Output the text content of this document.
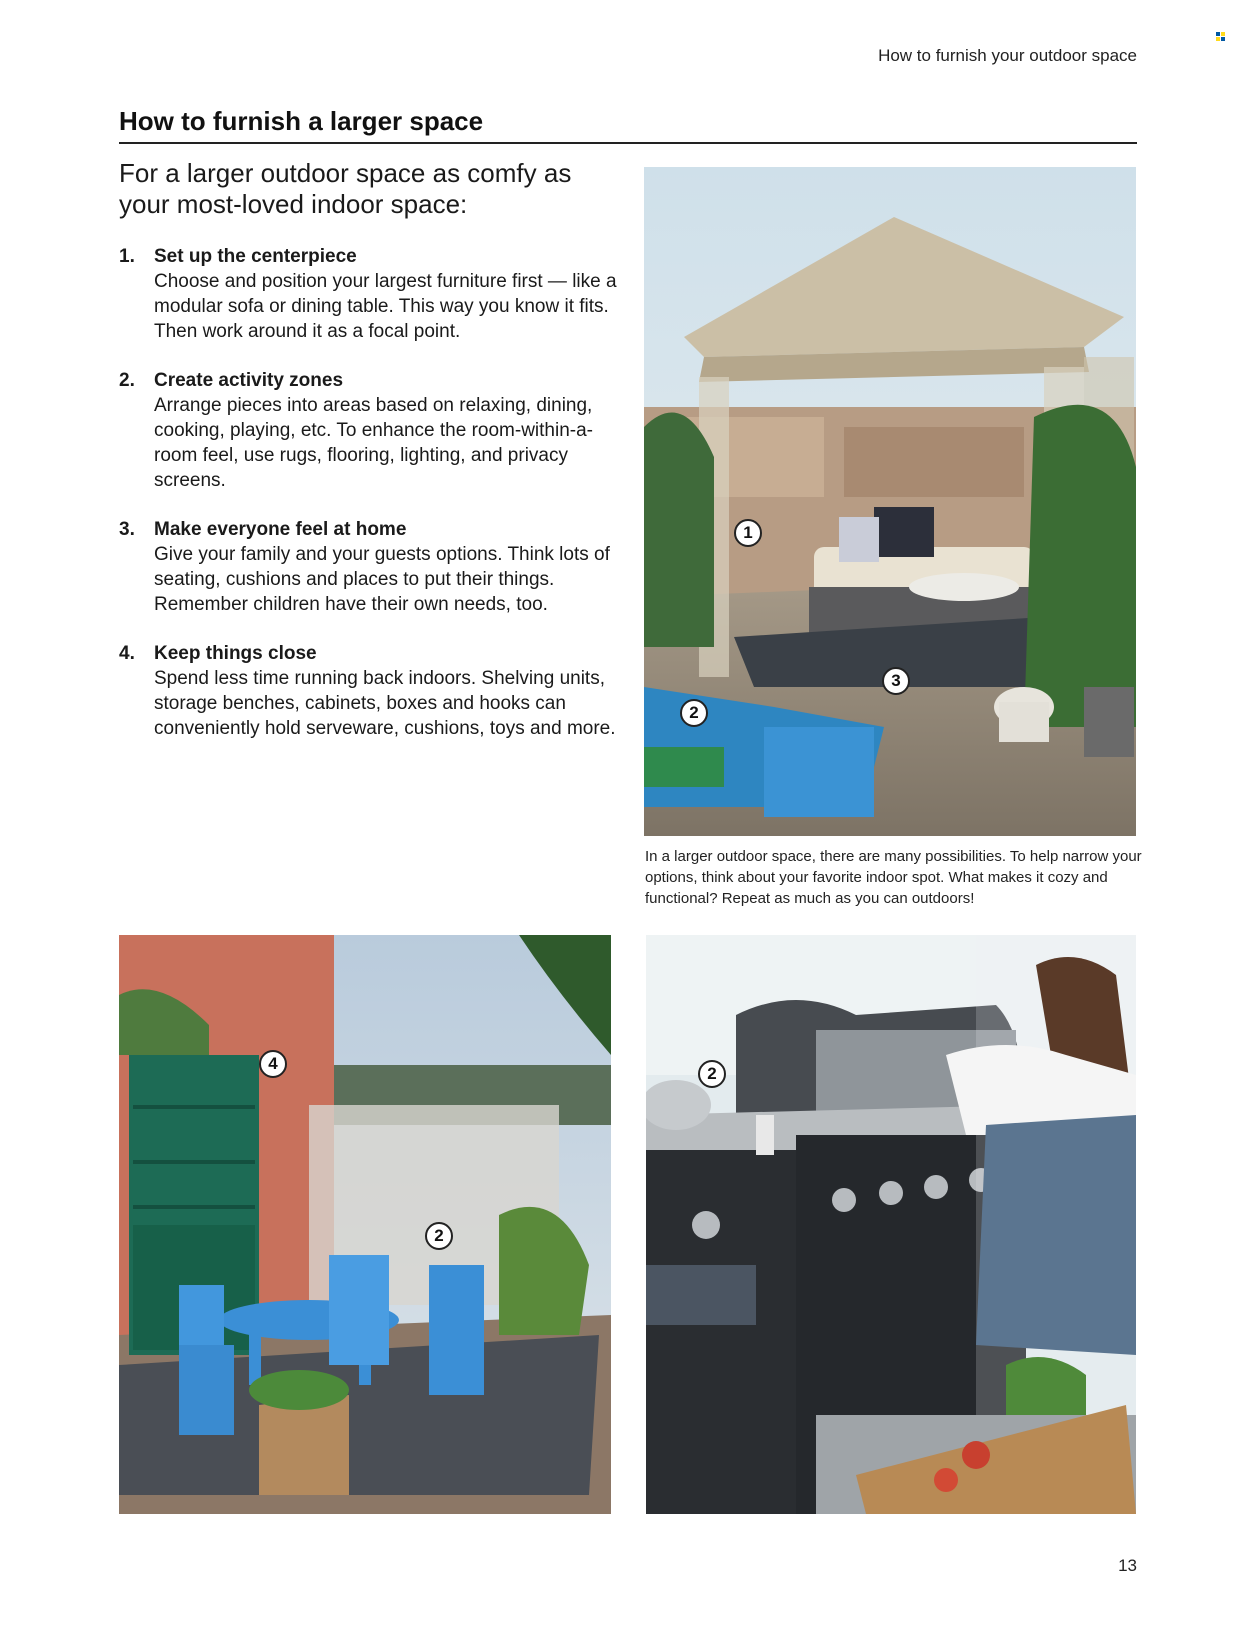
How to furnish your outdoor space
How to furnish a larger space
For a larger outdoor space as comfy as your most-loved indoor space:
1. Set up the centerpiece
Choose and position your largest furniture first — like a modular sofa or dining table. This way you know it fits. Then work around it as a focal point.
2. Create activity zones
Arrange pieces into areas based on relaxing, dining, cooking, playing, etc. To enhance the room-within-a-room feel, use rugs, flooring, lighting, and privacy screens.
3. Make everyone feel at home
Give your family and your guests options. Think lots of seating, cushions and places to put their things. Remember children have their own needs, too.
4. Keep things close
Spend less time running back indoors. Shelving units, storage benches, cabinets, boxes and hooks can conveniently hold serveware, cushions, toys and more.
1
3
2
In a larger outdoor space, there are many possibilities. To help narrow your options, think about your favorite indoor spot. What makes it cozy and functional? Repeat as much as you can outdoors!
4
2
2
13
